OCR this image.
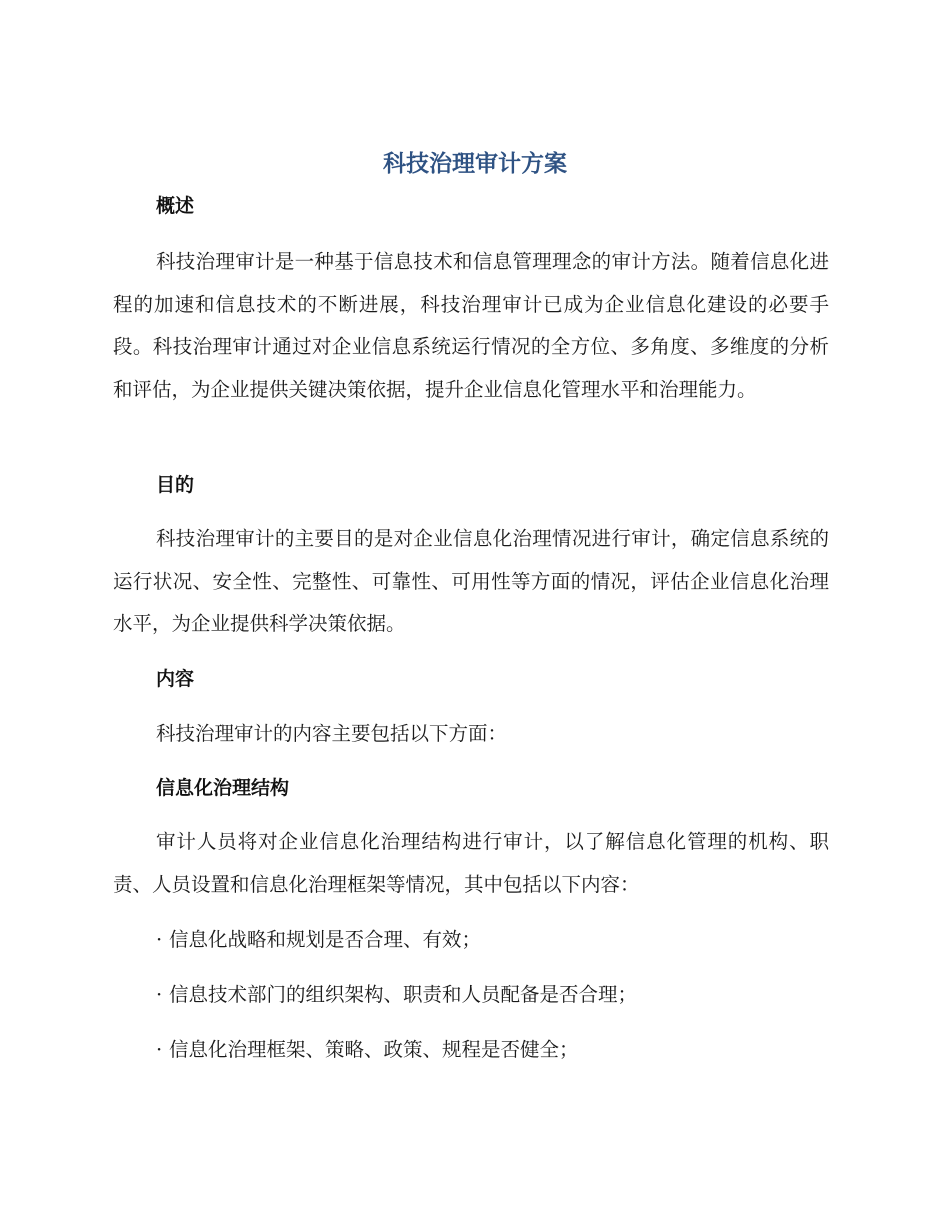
科技治理审计方案
概述

科技治理审计是一种基于信息技术和信息管理理念的审计方法。随着信息化进程的加速和信息技术的不断进展，科技治理审计已成为企业信息化建设的必要手段。科技治理审计通过对企业信息系统运行情况的全方位、多角度、多维度的分析和评估，为企业提供关键决策依据，提升企业信息化管理水平和治理能力。

目的

科技治理审计的主要目的是对企业信息化治理情况进行审计，确定信息系统的运行状况、安全性、完整性、可靠性、可用性等方面的情况，评估企业信息化治理水平，为企业提供科学决策依据。

内容

科技治理审计的内容主要包括以下方面：

信息化治理结构

审计人员将对企业信息化治理结构进行审计，以了解信息化管理的机构、职责、人员设置和信息化治理框架等情况，其中包括以下内容：

· 信息化战略和规划是否合理、有效；

· 信息技术部门的组织架构、职责和人员配备是否合理；

· 信息化治理框架、策略、政策、规程是否健全；
